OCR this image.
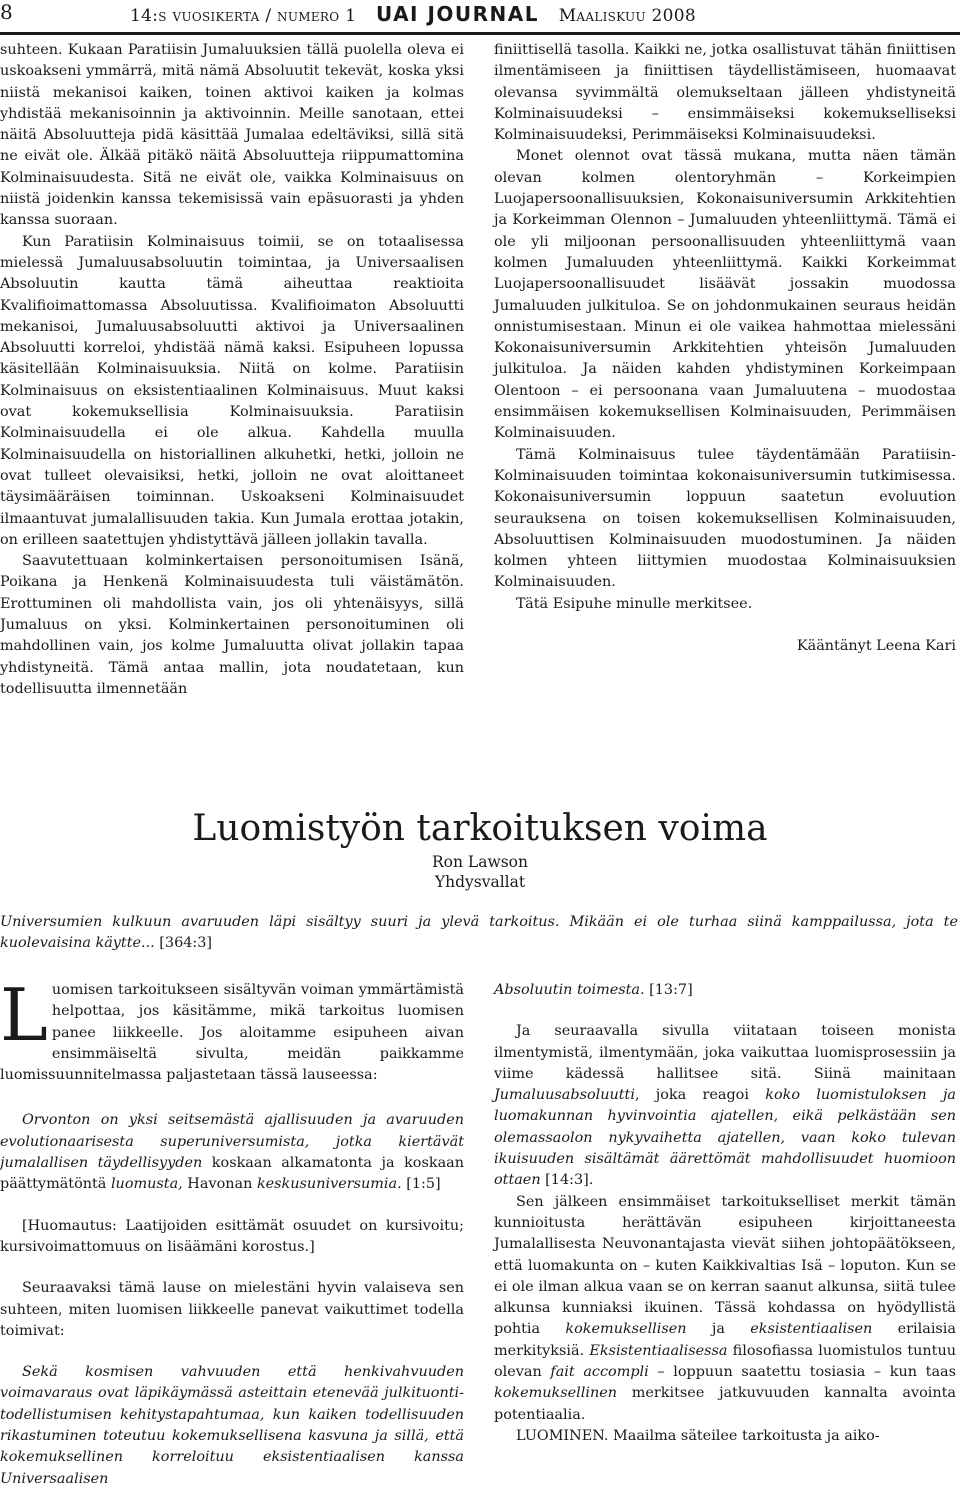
8	14:s vuosikerta / numero 1 UAI JOURNAL Maaliskuu 2008

suhteen. Kukaan Paratiisin Jumaluuksien tällä puolella oleva ei uskoakseni ymmärrä, mitä nämä Absoluutit tekevät, koska yksi niistä mekanisoi kaiken, toinen aktivoi kaiken ja kolmas yhdistää mekanisoinnin ja aktivoinnin. Meille sanotaan, ettei näitä Absoluutteja pidä käsittää Jumalaa edeltäviksi, sillä sitä ne eivät ole. Älkää pitäkö näitä Absoluutteja riippumattomina Kolminaisuudesta. Sitä ne eivät ole, vaikka Kolminaisuus on niistä joidenkin kanssa tekemisissä vain epäsuorasti ja yhden kanssa suoraan.

Kun Paratiisin Kolminaisuus toimii, se on totaalisessa mielessä Jumaluusabsoluutin toimintaa, ja Universaalisen Absoluutin kautta tämä aiheuttaa reaktioita Kvalifioimattomassa Absoluutissa. Kvalifioimaton Absoluutti mekanisoi, Jumaluusabsoluutti aktivoi ja Universaalinen Absoluutti korreloi, yhdistää nämä kaksi. Esipuheen lopussa käsitellään Kolminaisuuksia. Niitä on kolme. Paratiisin Kolminaisuus on eksistentiaalinen Kolminaisuus. Muut kaksi ovat kokemuksellisia Kolminaisuuksia. Paratiisin Kolminaisuudella ei ole alkua. Kahdella muulla Kolminaisuudella on historiallinen alkuhetki, hetki, jolloin ne ovat tulleet olevaisiksi, hetki, jolloin ne ovat aloittaneet täysimääräisen toiminnan. Uskoakseni Kolminaisuudet ilmaantuvat jumalallisuuden takia. Kun Jumala erottaa jotakin, on erilleen saatettujen yhdistyttävä jälleen jollakin tavalla.

Saavutettuaan kolminkertaisen personoitumisen Isänä, Poikana ja Henkenä Kolminaisuudesta tuli väistämätön. Erottuminen oli mahdollista vain, jos oli yhtenäisyys, sillä Jumaluus on yksi. Kolminkertainen personoituminen oli mahdollinen vain, jos kolme Jumaluutta olivat jollakin tapaa yhdistyneitä. Tämä antaa mallin, jota noudatetaan, kun todellisuutta ilmennetään

finiittisellä tasolla. Kaikki ne, jotka osallistuvat tähän finiittisen ilmentämiseen ja finiittisen täydellistämiseen, huomaavat olevansa syvimmältä olemukseltaan jälleen yhdistyneitä Kolminaisuudeksi – ensimmäiseksi kokemukselliseksi Kolminaisuudeksi, Perimmäiseksi Kolminaisuudeksi.

Monet olennot ovat tässä mukana, mutta näen tämän olevan kolmen olentoryhmän – Korkeimpien Luojapersoonallisuuksien, Kokonaisuniversumin Arkkitehtien ja Korkeimman Olennon – Jumaluuden yhteenliittymä. Tämä ei ole yli miljoonan persoonallisuuden yhteenliittymä vaan kolmen Jumaluuden yhteenliittymä. Kaikki Korkeimmat Luojapersoonallisuudet lisäävät jossakin muodossa Jumaluuden julkituloa. Se on johdonmukainen seuraus heidän onnistumisestaan. Minun ei ole vaikea hahmottaa mielessäni Kokonaisuniversumin Arkkitehtien yhteisön Jumaluuden julkituloa. Ja näiden kahden yhdistyminen Korkeimpaan Olentoon – ei persoonana vaan Jumaluutena – muodostaa ensimmäisen kokemuksellisen Kolminaisuuden, Perimmäisen Kolminaisuuden.

Tämä Kolminaisuus tulee täydentämään Paratiisin-Kolminaisuuden toimintaa kokonaisuniversumin tutkimisessa. Kokonaisuniversumin loppuun saatetun evoluution seurauksena on toisen kokemuksellisen Kolminaisuuden, Absoluuttisen Kolminaisuuden muodostuminen. Ja näiden kolmen yhteen liittymien muodostaa Kolminaisuuksien Kolminaisuuden.

Tätä Esipuhe minulle merkitsee.

Kääntänyt Leena Kari

Luomistyön tarkoituksen voima
Ron Lawson
Yhdysvallat
Universumien kulkuun avaruuden läpi sisältyy suuri ja ylevä tarkoitus. Mikään ei ole turhaa siinä kamppailussa, jota te kuolevaisina käytte... [364:3]

Luomisen tarkoitukseen sisältyvän voiman ymmärtämistä helpottaa, jos käsitämme, mikä tarkoitus luomisen panee liikkeelle. Jos aloitamme esipuheen aivan ensimmäiseltä sivulta, meidän paikkamme luomissuunnitelmassa paljastetaan tässä lauseessa:

Orvonton on yksi seitsemästä ajallisuuden ja avaruuden evolutionaarisesta superuniversumista, jotka kiertävät jumalallisen täydellisyyden koskaan alkamatonta ja koskaan päättymätöntä luomusta, Havonan keskusuniversumia. [1:5]

[Huomautus: Laatijoiden esittämät osuudet on kursivoitu; kursivoimattomuus on lisäämäni korostus.]

Seuraavaksi tämä lause on mielestäni hyvin valaiseva sen suhteen, miten luomisen liikkeelle panevat vaikuttimet todella toimivat:

Sekä kosmisen vahvuuden että henkivahvuuden voimavaraus ovat läpikäymässä asteittain etenevää julkituonti-todellistumisen kehitystapahtumaa, kun kaiken todellisuuden rikastuminen toteutuu kokemuksellisena kasvuna ja sillä, että kokemuksellinen korreloituu eksistentiaalisen kanssa Universaalisen

Absoluutin toimesta. [13:7]

Ja seuraavalla sivulla viitataan toiseen monista ilmentymistä, ilmentymään, joka vaikuttaa luomisprosessiin ja viime kädessä hallitsee sitä. Siinä mainitaan Jumaluusabsoluutti, joka reagoi koko luomistuloksen ja luomakunnan hyvinvointia ajatellen, eikä pelkästään sen olemassaolon nykyvaihetta ajatellen, vaan koko tulevan ikuisuuden sisältämät äärettömät mahdollisuudet huomioon ottaen [14:3].

Sen jälkeen ensimmäiset tarkoitukselliset merkit tämän kunnioitusta herättävän esipuheen kirjoittaneesta Jumalallisesta Neuvonantajasta vievät siihen johtopäätökseen, että luomakunta on – kuten Kaikkivaltias Isä – loputon. Kun se ei ole ilman alkua vaan se on kerran saanut alkunsa, siitä tulee alkunsa kunniaksi ikuinen. Tässä kohdassa on hyödyllistä pohtia kokemuksellisen ja eksistentiaalisen erilaisia merkityksiä. Eksistentiaalisessa filosofiassa luomistulos tuntuu olevan fait accompli – loppuun saatettu tosiasia – kun taas kokemuksellinen merkitsee jatkuvuuden kannalta avointa potentiaalia.

LUOMINEN. Maailma säteilee tarkoitusta ja aiko-
